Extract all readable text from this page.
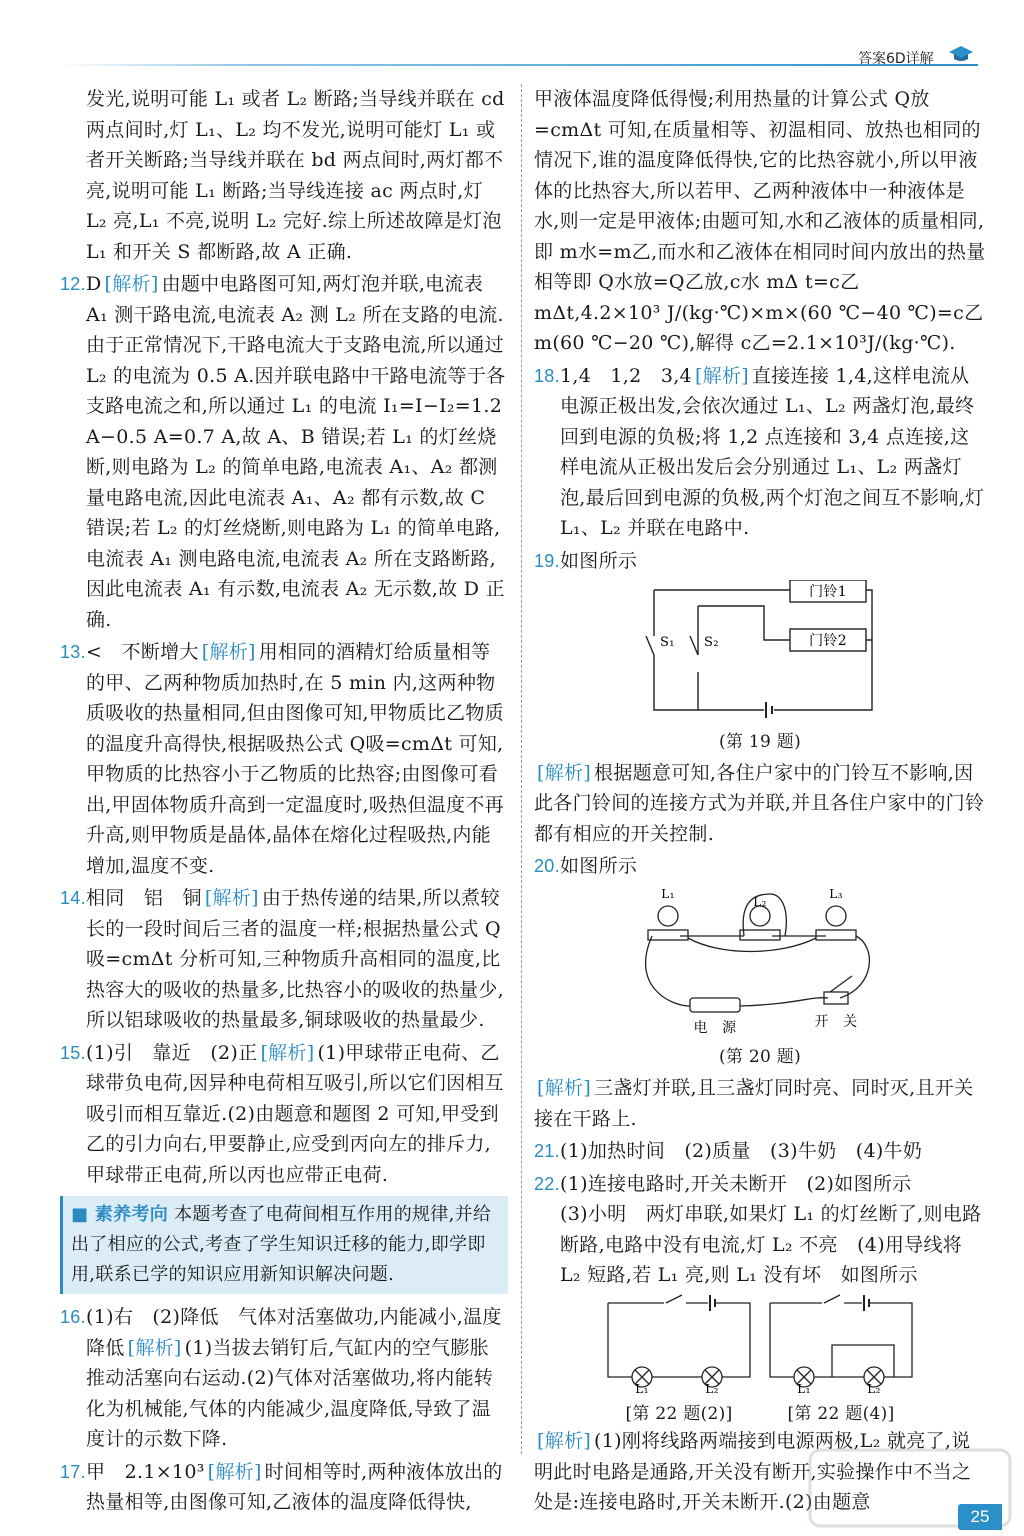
答案6D详解
发光,说明可能 L₁ 或者 L₂ 断路;当导线并联在 cd 两点间时,灯 L₁、L₂ 均不发光,说明可能灯 L₁ 或者开关断路;当导线并联在 bd 两点间时,两灯都不亮,说明可能 L₁ 断路;当导线连接 ac 两点时,灯 L₂ 亮,L₁ 不亮,说明 L₂ 完好.综上所述故障是灯泡 L₁ 和开关 S 都断路,故 A 正确.
12. D [解析] 由题中电路图可知,两灯泡并联,电流表 A₁ 测干路电流,电流表 A₂ 测 L₂ 所在支路的电流.由于正常情况下,干路电流大于支路电流,所以通过 L₂ 的电流为 0.5 A.因并联电路中干路电流等于各支路电流之和,所以通过 L₁ 的电流 I₁=I−I₂=1.2 A−0.5 A=0.7 A,故 A、B 错误;若 L₁ 的灯丝烧断,则电路为 L₂ 的简单电路,电流表 A₁、A₂ 都测量电路电流,因此电流表 A₁、A₂ 都有示数,故 C 错误;若 L₂ 的灯丝烧断,则电路为 L₁ 的简单电路,电流表 A₁ 测电路电流,电流表 A₂ 所在支路断路,因此电流表 A₁ 有示数,电流表 A₂ 无示数,故 D 正确.
13. <　不断增大 [解析] 用相同的酒精灯给质量相等的甲、乙两种物质加热时,在 5 min 内,这两种物质吸收的热量相同,但由图像可知,甲物质比乙物质的温度升高得快,根据吸热公式 Q吸=cmΔt 可知,甲物质的比热容小于乙物质的比热容;由图像可看出,甲固体物质升高到一定温度时,吸热但温度不再升高,则甲物质是晶体,晶体在熔化过程吸热,内能增加,温度不变.
14. 相同　铝　铜 [解析] 由于热传递的结果,所以煮较长的一段时间后三者的温度一样;根据热量公式 Q吸=cmΔt 分析可知,三种物质升高相同的温度,比热容大的吸收的热量多,比热容小的吸收的热量少,所以铝球吸收的热量最多,铜球吸收的热量最少.
15. (1)引　靠近　(2)正 [解析] (1)甲球带正电荷、乙球带负电荷,因异种电荷相互吸引,所以它们因相互吸引而相互靠近.(2)由题意和题图 2 可知,甲受到乙的引力向右,甲要静止,应受到丙向左的排斥力,甲球带正电荷,所以丙也应带正电荷.
■ 素养考向 本题考查了电荷间相互作用的规律,并给出了相应的公式,考查了学生知识迁移的能力,即学即用,联系已学的知识应用新知识解决问题.
16. (1)右　(2)降低　气体对活塞做功,内能减小,温度降低 [解析] (1)当拔去销钉后,气缸内的空气膨胀推动活塞向右运动.(2)气体对活塞做功,将内能转化为机械能,气体的内能减少,温度降低,导致了温度计的示数下降.
17. 甲　2.1×10³ [解析] 时间相等时,两种液体放出的热量相等,由图像可知,乙液体的温度降低得快,
甲液体温度降低得慢;利用热量的计算公式 Q放=cmΔt 可知,在质量相等、初温相同、放热也相同的情况下,谁的温度降低得快,它的比热容就小,所以甲液体的比热容大,所以若甲、乙两种液体中一种液体是水,则一定是甲液体;由题可知,水和乙液体的质量相同,即 m水=m乙,而水和乙液体在相同时间内放出的热量相等即 Q水放=Q乙放,c水 mΔ t=c乙 mΔt,4.2×10³ J/(kg·℃)×m×(60 ℃−40 ℃)=c乙 m(60 ℃−20 ℃),解得 c乙=2.1×10³J/(kg·℃).
18. 1,4　1,2　3,4 [解析] 直接连接 1,4,这样电流从电源正极出发,会依次通过 L₁、L₂ 两盏灯泡,最终回到电源的负极;将 1,2 点连接和 3,4 点连接,这样电流从正极出发后会分别通过 L₁、L₂ 两盏灯泡,最后回到电源的负极,两个灯泡之间互不影响,灯 L₁、L₂ 并联在电路中.
19. 如图所示
门铃1
门铃2
S₁ S₂
(第 19 题)
[解析] 根据题意可知,各住户家中的门铃互不影响,因此各门铃间的连接方式为并联,并且各住户家中的门铃都有相应的开关控制.
20. 如图所示
L₁
L₂
L₃
电　源	开　关
(第 20 题)
[解析] 三盏灯并联,且三盏灯同时亮、同时灭,且开关接在干路上.
21. (1)加热时间　(2)质量　(3)牛奶　(4)牛奶
22. (1)连接电路时,开关未断开　(2)如图所示
(3)小明　两灯串联,如果灯 L₁ 的灯丝断了,则电路断路,电路中没有电流,灯 L₂ 不亮　(4)用导线将 L₂ 短路,若 L₁ 亮,则 L₁ 没有坏　如图所示
L₁	L₂
[第 22 题(2)]
L₁	L₂
[第 22 题(4)]
[解析] (1)刚将线路两端接到电源两极,L₂ 就亮了,说明此时电路是通路,开关没有断开,实验操作中不当之处是:连接电路时,开关未断开.(2)由题意
25
